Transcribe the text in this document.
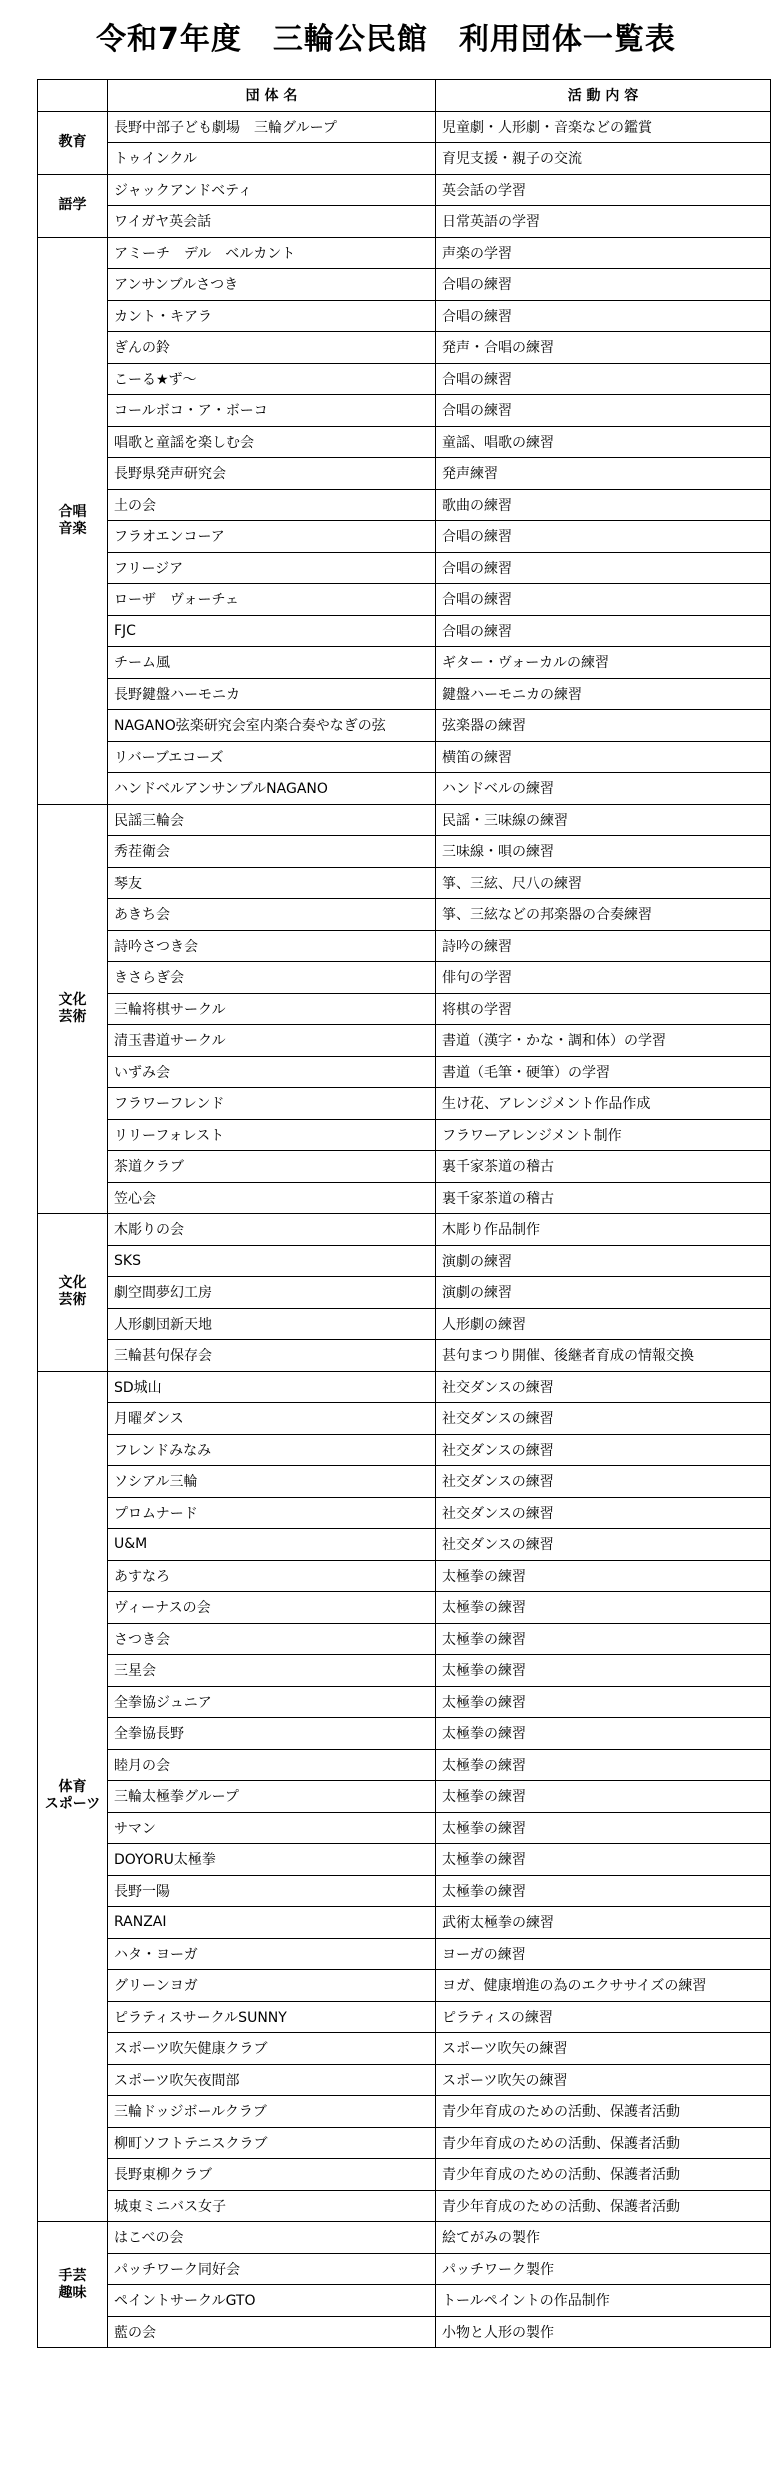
令和7年度　三輪公民館　利用団体一覧表
	団 体 名	活 動 内 容

教育	長野中部子ども劇場　三輪グループ	児童劇・人形劇・音楽などの鑑賞
	トゥインクル	育児支援・親子の交流

語学	ジャックアンドベティ	英会話の学習
	ワイガヤ英会話	日常英語の学習

合唱
音楽	アミーチ　デル　ベルカント	声楽の学習
	アンサンブルさつき	合唱の練習
	カント・キアラ	合唱の練習
	ぎんの鈴	発声・合唱の練習
	こーる★ず～	合唱の練習
	コールボコ・ア・ボーコ	合唱の練習
	唱歌と童謡を楽しむ会	童謡、唱歌の練習
	長野県発声研究会	発声練習
	土の会	歌曲の練習
	フラオエンコーア	合唱の練習
	フリージア	合唱の練習
	ローザ　ヴォーチェ	合唱の練習
	FJC	合唱の練習
	チーム風	ギター・ヴォーカルの練習
	長野鍵盤ハーモニカ	鍵盤ハーモニカの練習
	NAGANO弦楽研究会室内楽合奏やなぎの弦	弦楽器の練習
	リバーブエコーズ	横笛の練習
	ハンドベルアンサンブルNAGANO	ハンドベルの練習

文化
芸術	民謡三輪会	民謡・三味線の練習
	秀茬衛会	三味線・唄の練習
	琴友	箏、三絃、尺八の練習
	あきち会	箏、三絃などの邦楽器の合奏練習
	詩吟さつき会	詩吟の練習
	きさらぎ会	俳句の学習
	三輪将棋サークル	将棋の学習
	清玉書道サークル	書道（漢字・かな・調和体）の学習
	いずみ会	書道（毛筆・硬筆）の学習
	フラワーフレンド	生け花、アレンジメント作品作成
	リリーフォレスト	フラワーアレンジメント制作
	茶道クラブ	裏千家茶道の稽古
	笠心会	裏千家茶道の稽古

文化
芸術	木彫りの会	木彫り作品制作
	SKS	演劇の練習
	劇空間夢幻工房	演劇の練習
	人形劇団新天地	人形劇の練習
	三輪甚句保存会	甚句まつり開催、後継者育成の情報交換

体育
スポーツ	SD城山	社交ダンスの練習
	月曜ダンス	社交ダンスの練習
	フレンドみなみ	社交ダンスの練習
	ソシアル三輪	社交ダンスの練習
	プロムナード	社交ダンスの練習
	U&M	社交ダンスの練習
	あすなろ	太極拳の練習
	ヴィーナスの会	太極拳の練習
	さつき会	太極拳の練習
	三星会	太極拳の練習
	全拳協ジュニア	太極拳の練習
	全拳協長野	太極拳の練習
	睦月の会	太極拳の練習
	三輪太極拳グループ	太極拳の練習
	サマン	太極拳の練習
	DOYORU太極拳	太極拳の練習
	長野一陽	太極拳の練習
	RANZAI	武術太極拳の練習
	ハタ・ヨーガ	ヨーガの練習
	グリーンヨガ	ヨガ、健康増進の為のエクササイズの練習
	ピラティスサークルSUNNY	ピラティスの練習
	スポーツ吹矢健康クラブ	スポーツ吹矢の練習
	スポーツ吹矢夜間部	スポーツ吹矢の練習
	三輪ドッジボールクラブ	青少年育成のための活動、保護者活動
	柳町ソフトテニスクラブ	青少年育成のための活動、保護者活動
	長野東柳クラブ	青少年育成のための活動、保護者活動
	城東ミニバス女子	青少年育成のための活動、保護者活動

手芸
趣味	はこべの会	絵てがみの製作
	パッチワーク同好会	パッチワーク製作
	ペイントサークルGTO	トールペイントの作品制作
	藍の会	小物と人形の製作
